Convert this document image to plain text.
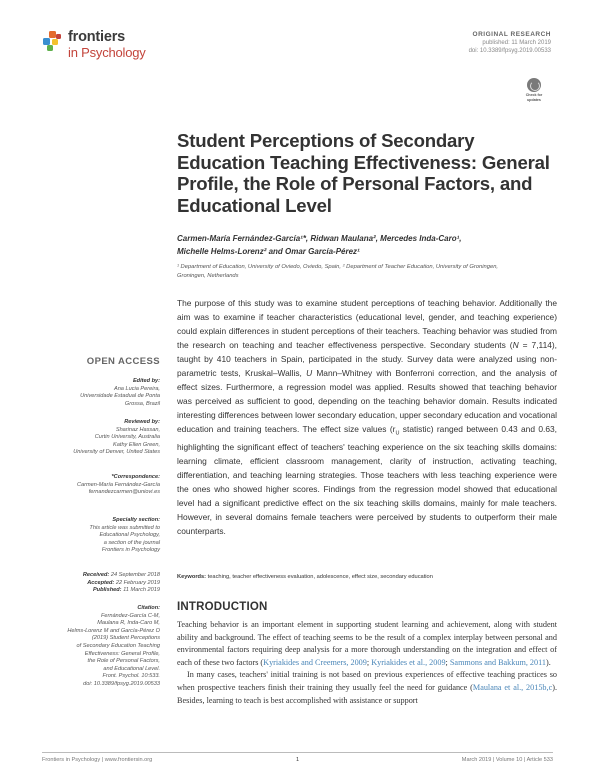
frontiers
in Psychology
ORIGINAL RESEARCH
published: 11 March 2019
doi: 10.3389/fpsyg.2019.00533
Check for
updates
Student Perceptions of Secondary Education Teaching Effectiveness: General Profile, the Role of Personal Factors, and Educational Level
Carmen-María Fernández-García¹*, Ridwan Maulana², Mercedes Inda-Caro¹,
Michelle Helms-Lorenz² and Omar García-Pérez¹
¹ Department of Education, University of Oviedo, Oviedo, Spain, ² Department of Teacher Education, University of Groningen,
Groningen, Netherlands
The purpose of this study was to examine student perceptions of teaching behavior. Additionally the aim was to examine if teacher characteristics (educational level, gender, and teaching experience) could explain differences in student perceptions of their teachers. Teaching behavior was studied from the research on teaching and teacher effectiveness perspective. Secondary students (N = 7,114), taught by 410 teachers in Spain, participated in the study. Survey data were analyzed using non-parametric tests, Kruskal–Wallis, U Mann–Whitney with Bonferroni correction, and the analysis of effect sizes. Furthermore, a regression model was applied. Results showed that teaching behavior was perceived as sufficient to good, depending on the teaching behavior domain. Results indicated interesting differences between lower secondary education, upper secondary education and vocational education and training teachers. The effect size values ($r_U$ statistic) ranged between 0.43 and 0.63, highlighting the significant effect of teachers' teaching experience on the six teaching skills domains: learning climate, efficient classroom management, clarity of instruction, activating teaching, differentiation, and teaching learning strategies. Those teachers with less teaching experience were the ones who showed higher scores. Findings from the regression model showed that educational level had a significant predictive effect on the six teaching skills domains, mainly for male teachers. However, in several domains female teachers were perceived by students to outperform their male counterparts.
Keywords: teaching, teacher effectiveness evaluation, adolescence, effect size, secondary education
OPEN ACCESS
Edited by:
Ana Lucia Pereira,
Universidade Estadual de Ponta
Grossa, Brazil
Reviewed by:
Sharinaz Hassan,
Curtin University, Australia
Kathy Ellen Green,
University of Denver, United States
*Correspondence:
Carmen-María Fernández-García
fernandezcarmen@uniovi.es
Specialty section:
This article was submitted to
Educational Psychology,
a section of the journal
Frontiers in Psychology
Received: 24 September 2018
Accepted: 22 February 2019
Published: 11 March 2019
Citation:
Fernández-García C-M,
Maulana R, Inda-Caro M,
Helms-Lorenz M and García-Pérez O
(2019) Student Perceptions
of Secondary Education Teaching
Effectiveness: General Profile,
the Role of Personal Factors,
and Educational Level.
Front. Psychol. 10:533.
doi: 10.3389/fpsyg.2019.00533
INTRODUCTION

Teaching behavior is an important element in supporting student learning and achievement, along with student ability and background. The effect of teaching seems to be the result of a complex interplay between personal and environmental factors requiring deep analysis for a more thorough understanding on the integration and effect of each of these two factors (Kyriakides and Creemers, 2009; Kyriakides et al., 2009; Sammons and Bakkum, 2011).

In many cases, teachers' initial training is not based on previous experiences of effective teaching practices so when prospective teachers finish their training they usually feel the need for guidance (Maulana et al., 2015b,c). Besides, learning to teach is best accomplished with assistance or support

Frontiers in Psychology | www.frontiersin.org	1	March 2019 | Volume 10 | Article 533
